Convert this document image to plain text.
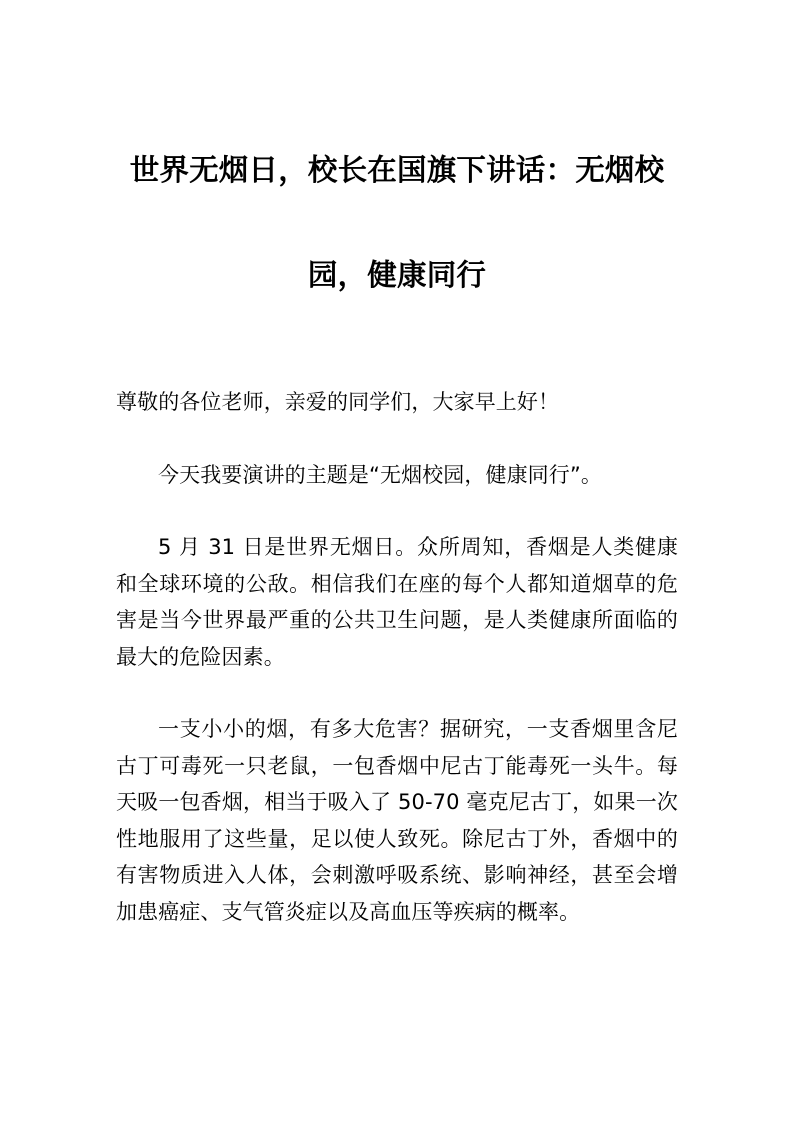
世界无烟日，校长在国旗下讲话：无烟校园，健康同行

尊敬的各位老师，亲爱的同学们，大家早上好！

今天我要演讲的主题是“无烟校园，健康同行”。

5 月 31 日是世界无烟日。众所周知，香烟是人类健康和全球环境的公敌。相信我们在座的每个人都知道烟草的危害是当今世界最严重的公共卫生问题，是人类健康所面临的最大的危险因素。

一支小小的烟，有多大危害？据研究，一支香烟里含尼古丁可毒死一只老鼠，一包香烟中尼古丁能毒死一头牛。每天吸一包香烟，相当于吸入了 50-70 毫克尼古丁，如果一次性地服用了这些量，足以使人致死。除尼古丁外，香烟中的有害物质进入人体，会刺激呼吸系统、影响神经，甚至会增加患癌症、支气管炎症以及高血压等疾病的概率。
